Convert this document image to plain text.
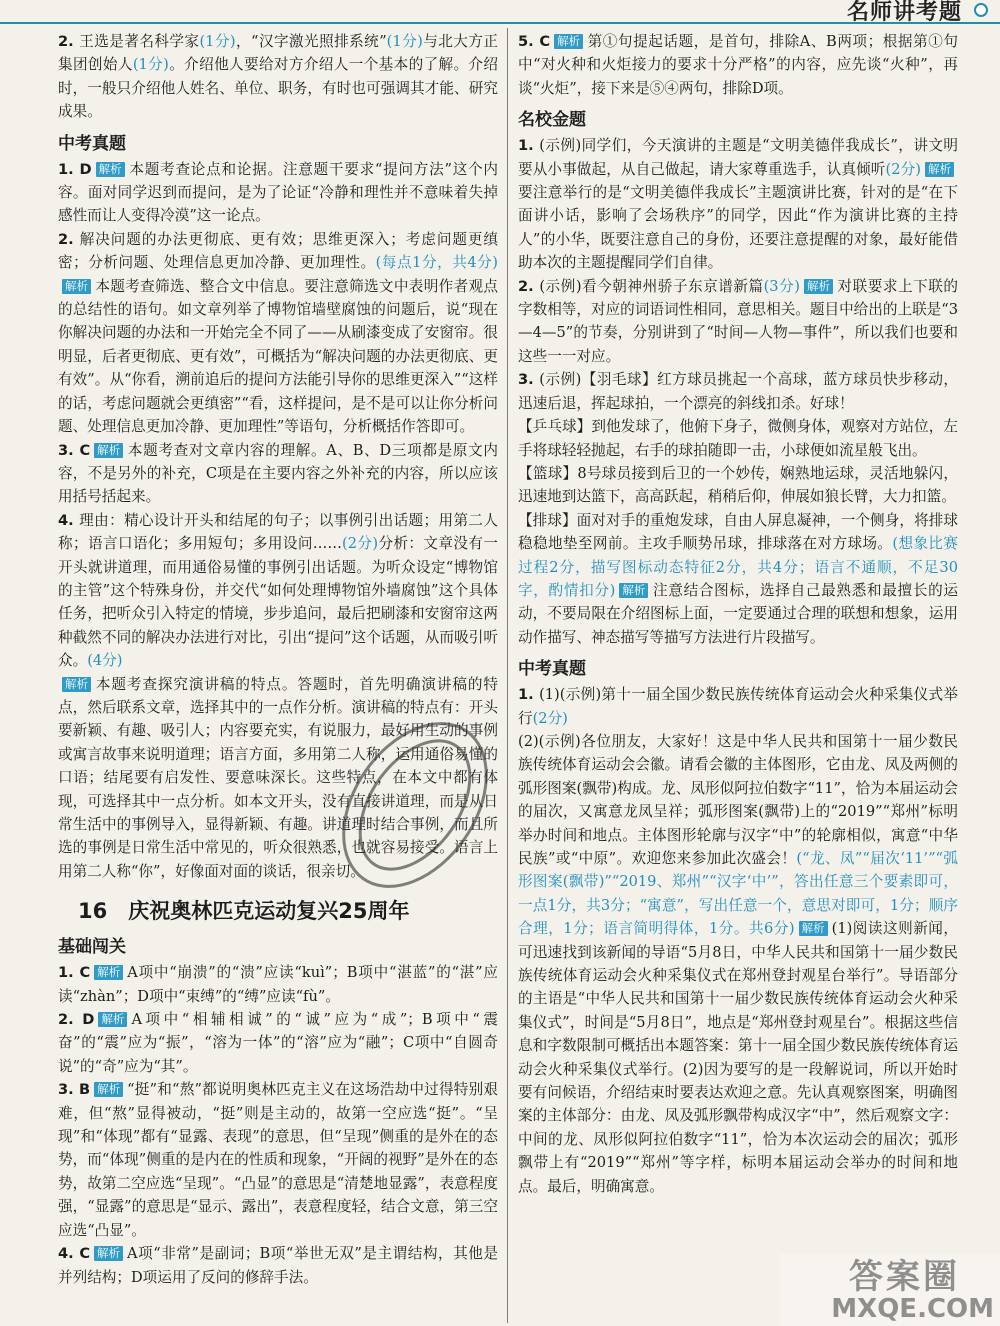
名师讲考题

2. 王选是著名科学家(1分)，“汉字激光照排系统”(1分)与北大方正集团创始人(1分)。介绍他人要给对方介绍人一个基本的了解。介绍时，一般只介绍他人姓名、单位、职务，有时也可强调其才能、研究成果。

中考真题

1. D 解析 本题考查论点和论据。注意题干要求“提问方法”这个内容。面对同学迟到而提问，是为了论证“冷静和理性并不意味着失掉感性而让人变得冷漠”这一论点。

2. 解决问题的办法更彻底、更有效；思维更深入；考虑问题更缜密；分析问题、处理信息更加冷静、更加理性。(每点1分，共4分)解析 本题考查筛选、整合文中信息。要注意筛选文中表明作者观点的总结性的语句。如文章列举了博物馆墙壁腐蚀的问题后，说“现在你解决问题的办法和一开始完全不同了——从刷漆变成了安窗帘。很明显，后者更彻底、更有效”，可概括为“解决问题的办法更彻底、更有效”。从“你看，溯前追后的提问方法能引导你的思维更深入”“这样的话，考虑问题就会更缜密”“看，这样提问，是不是可以让你分析问题、处理信息更加冷静、更加理性”等语句，分析概括作答即可。

3. C 解析 本题考查对文章内容的理解。A、B、D三项都是原文内容，不是另外的补充，C项是在主要内容之外补充的内容，所以应该用括号括起来。

4. 理由：精心设计开头和结尾的句子；以事例引出话题；用第二人称；语言口语化；多用短句；多用设问……(2分)分析：文章没有一开头就讲道理，而用通俗易懂的事例引出话题。为听众设定“博物馆的主管”这个特殊身份，并交代“如何处理博物馆外墙腐蚀”这个具体任务，把听众引入特定的情境，步步追问，最后把刷漆和安窗帘这两种截然不同的解决办法进行对比，引出“提问”这个话题，从而吸引听众。(4分)

解析 本题考查探究演讲稿的特点。答题时，首先明确演讲稿的特点，然后联系文章，选择其中的一点作分析。演讲稿的特点有：开头要新颖、有趣、吸引人；内容要充实，有说服力，最好用生动的事例或寓言故事来说明道理；语言方面，多用第二人称，运用通俗易懂的口语；结尾要有启发性、要意味深长。这些特点，在本文中都有体现，可选择其中一点分析。如本文开头，没有直接讲道理，而是从日常生活中的事例导入，显得新颖、有趣。讲道理时结合事例，而且所选的事例是日常生活中常见的，听众很熟悉，也就容易接受。语言上用第二人称“你”，好像面对面的谈话，很亲切。

16　庆祝奥林匹克运动复兴25周年
基础闯关

1. C 解析 A项中“崩溃”的“溃”应读“kuì”；B项中“湛蓝”的“湛”应读“zhàn”；D项中“束缚”的“缚”应读“fù”。

2. D 解析 A项中“相辅相诚”的“诚”应为“成”；B项中“震奋”的“震”应为“振”，“溶为一体”的“溶”应为“融”；C项中“自圆奇说”的“奇”应为“其”。

3. B 解析 “挺”和“熬”都说明奥林匹克主义在这场浩劫中过得特别艰难，但“熬”显得被动，“挺”则是主动的，故第一空应选“挺”。“呈现”和“体现”都有“显露、表现”的意思，但“呈现”侧重的是外在的态势，而“体现”侧重的是内在的性质和现象，“开阔的视野”是外在的态势，故第二空应选“呈现”。“凸显”的意思是“清楚地显露”，表意程度强，“显露”的意思是“显示、露出”，表意程度轻，结合文意，第三空应选“凸显”。

4. C 解析 A项“非常”是副词；B项“举世无双”是主谓结构，其他是并列结构；D项运用了反问的修辞手法。

5. C 解析 第①句提起话题，是首句，排除A、B两项；根据第①句中“对火种和火炬接力的要求十分严格”的内容，应先谈“火种”，再谈“火炬”，接下来是⑤④两句，排除D项。

名校金题

1. (示例)同学们，今天演讲的主题是“文明美德伴我成长”，讲文明要从小事做起，从自己做起，请大家尊重选手，认真倾听(2分) 解析要注意举行的是“文明美德伴我成长”主题演讲比赛，针对的是“在下面讲小话，影响了会场秩序”的同学，因此“作为演讲比赛的主持人”的小华，既要注意自己的身份，还要注意提醒的对象，最好能借助本次的主题提醒同学们自律。

2. (示例)看今朝神州骄子东京谱新篇(3分) 解析 对联要求上下联的字数相等，对应的词语词性相同，意思相关。题目中给出的上联是“3—4—5”的节奏，分别讲到了“时间—人物—事件”，所以我们也要和这些一一对应。

3. (示例)【羽毛球】红方球员挑起一个高球，蓝方球员快步移动，迅速后退，挥起球拍，一个漂亮的斜线扣杀。好球！

【乒乓球】到他发球了，他俯下身子，微侧身体，观察对方站位，左手将球轻轻抛起，右手的球拍随即一击，小球便如流星般飞出。

【篮球】8号球员接到后卫的一个妙传，娴熟地运球，灵活地躲闪，迅速地到达篮下，高高跃起，稍稍后仰，伸展如狼长臂，大力扣篮。

【排球】面对对手的重炮发球，自由人屏息凝神，一个侧身，将排球稳稳地垫至网前。主攻手顺势吊球，排球落在对方球场。(想象比赛过程2分，描写图标动态特征2分，共4分；语言不通顺，不足30字，酌情扣分) 解析 注意结合图标，选择自己最熟悉和最擅长的运动，不要局限在介绍图标上面，一定要通过合理的联想和想象，运用动作描写、神态描写等描写方法进行片段描写。

中考真题

1. (1)(示例)第十一届全国少数民族传统体育运动会火种采集仪式举行(2分)

(2)(示例)各位朋友，大家好！这是中华人民共和国第十一届少数民族传统体育运动会会徽。请看会徽的主体图形，它由龙、凤及两侧的弧形图案(飘带)构成。龙、凤形似阿拉伯数字“11”，恰为本届运动会的届次，又寓意龙凤呈祥；弧形图案(飘带)上的“2019”“郑州”标明举办时间和地点。主体图形轮廓与汉字“中”的轮廓相似，寓意“中华民族”或“中原”。欢迎您来参加此次盛会！(“龙、凤”“届次‘11’”“弧形图案(飘带)”“2019、郑州”“汉字‘中’”，答出任意三个要素即可，一点1分，共3分；“寓意”，写出任意一个，意思对即可，1分；顺序合理，1分；语言简明得体，1分。共6分) 解析 (1)阅读这则新闻，可迅速找到该新闻的导语“5月8日，中华人民共和国第十一届少数民族传统体育运动会火种采集仪式在郑州登封观星台举行”。导语部分的主语是“中华人民共和国第十一届少数民族传统体育运动会火种采集仪式”，时间是“5月8日”，地点是“郑州登封观星台”。根据这些信息和字数限制可概括出本题答案：第十一届全国少数民族传统体育运动会火种采集仪式举行。(2)因为要写的是一段解说词，所以开始时要有问候语，介绍结束时要表达欢迎之意。先认真观察图案，明确图案的主体部分：由龙、凤及弧形飘带构成汉字“中”，然后观察文字：中间的龙、凤形似阿拉伯数字“11”，恰为本次运动会的届次；弧形飘带上有“2019”“郑州”等字样，标明本届运动会举办的时间和地点。最后，明确寓意。

答案圈
MXQE.COM
